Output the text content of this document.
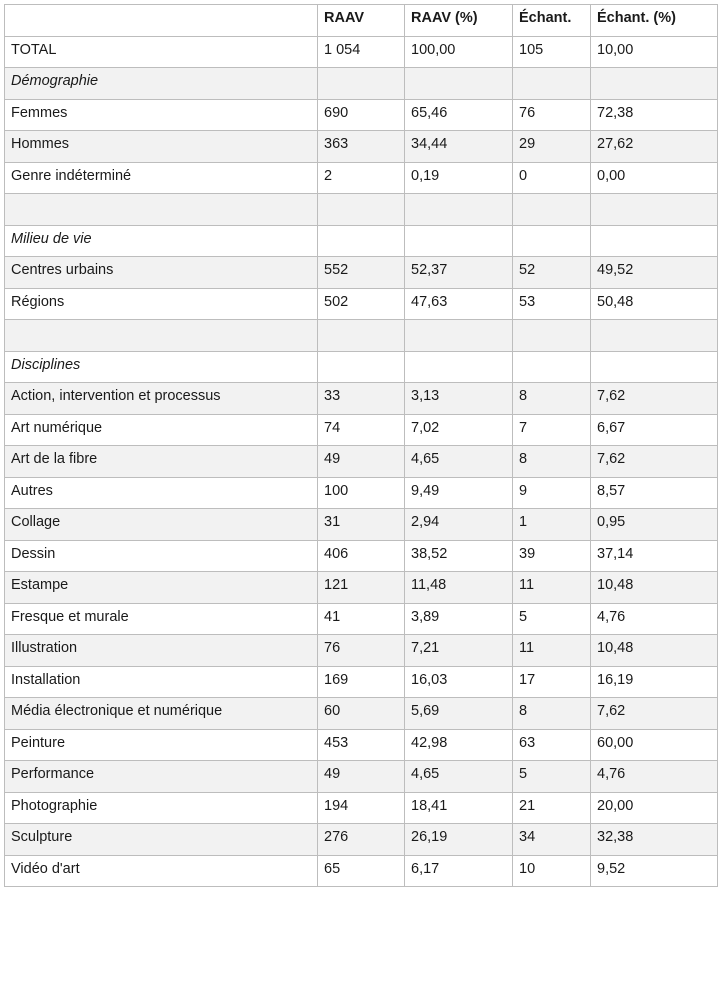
	RAAV	RAAV (%)	Échant.	Échant. (%)
TOTAL	1 054	100,00	105	10,00
Démographie				
Femmes	690	65,46	76	72,38
Hommes	363	34,44	29	27,62
Genre indéterminé	2	0,19	0	0,00

Milieu de vie				
Centres urbains	552	52,37	52	49,52
Régions	502	47,63	53	50,48

Disciplines				
Action, intervention et processus	33	3,13	8	7,62
Art numérique	74	7,02	7	6,67
Art de la fibre	49	4,65	8	7,62
Autres	100	9,49	9	8,57
Collage	31	2,94	1	0,95
Dessin	406	38,52	39	37,14
Estampe	121	11,48	11	10,48
Fresque et murale	41	3,89	5	4,76
Illustration	76	7,21	11	10,48
Installation	169	16,03	17	16,19
Média électronique et numérique	60	5,69	8	7,62
Peinture	453	42,98	63	60,00
Performance	49	4,65	5	4,76
Photographie	194	18,41	21	20,00
Sculpture	276	26,19	34	32,38
Vidéo d'art	65	6,17	10	9,52
